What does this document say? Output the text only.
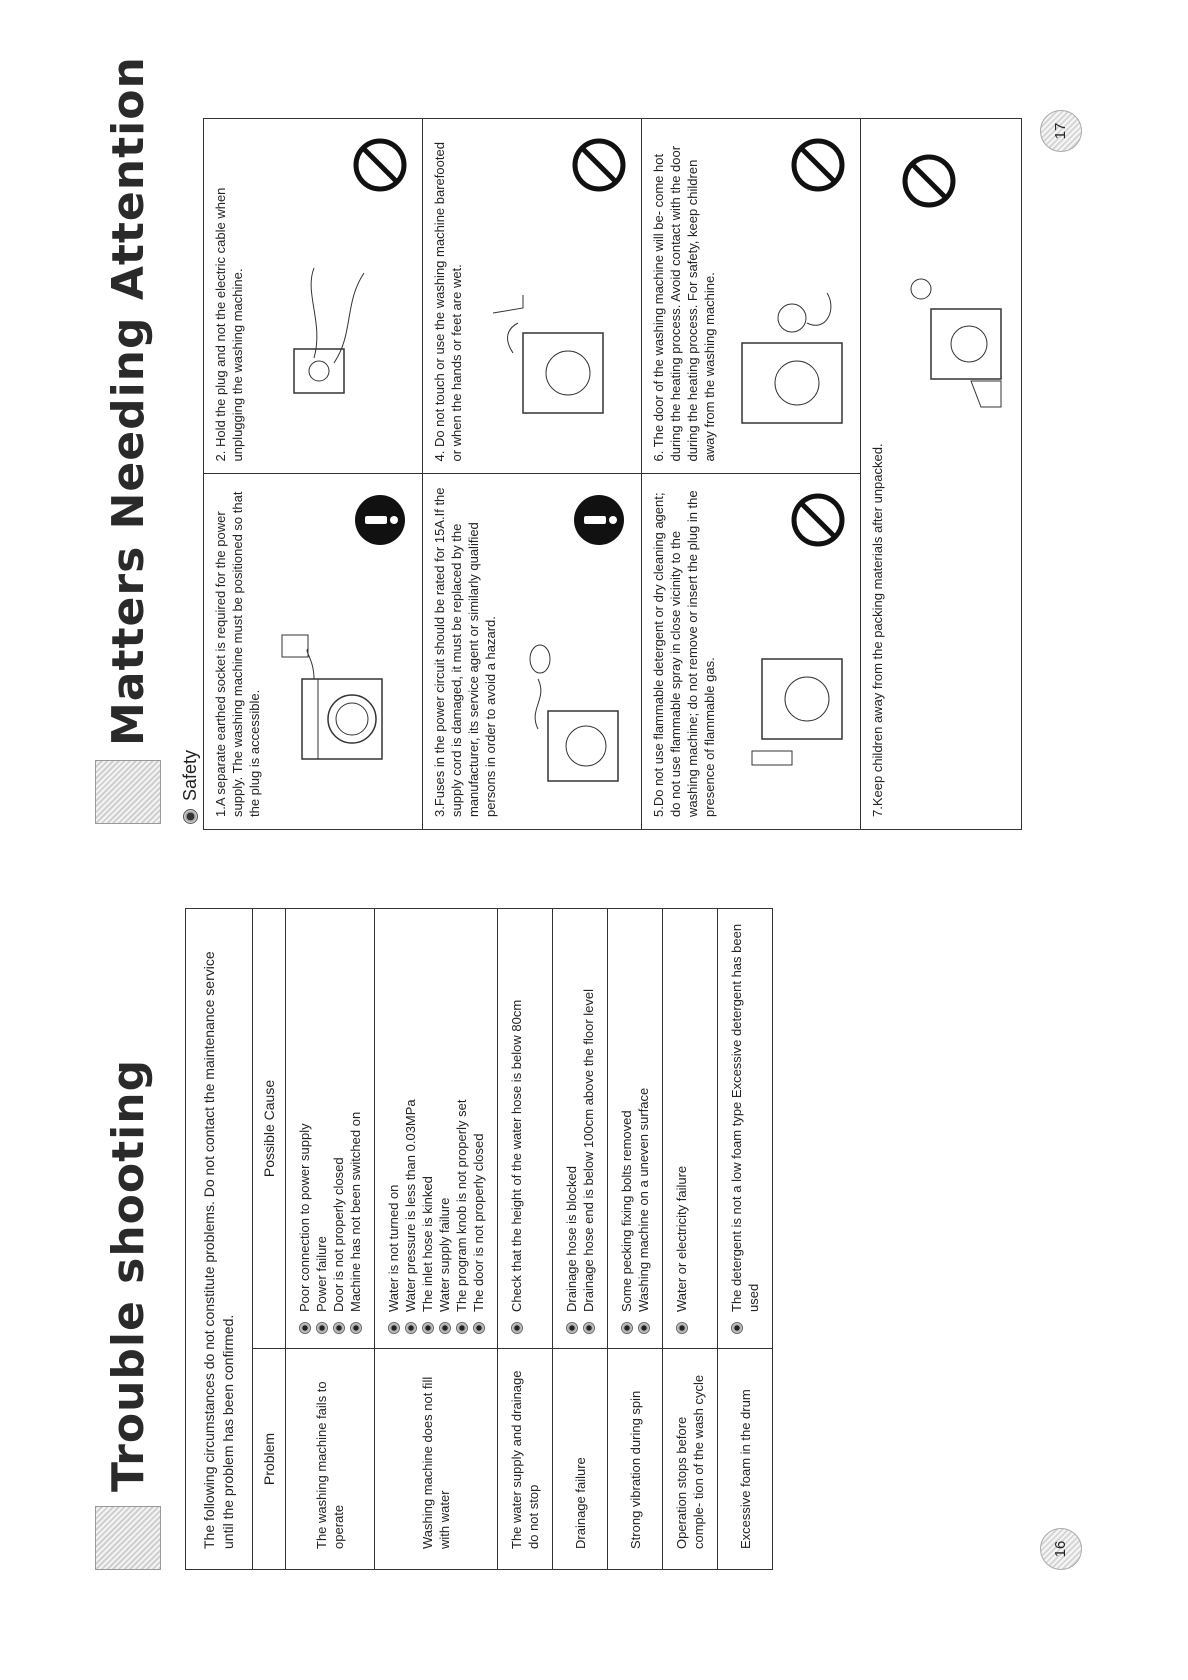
Trouble shooting	The following circumstances do not constitute problems. Do not contact the maintenance service until the problem has been confirmed.	Problem
Possible Cause
The washing machine fails to operate
Poor connection to power supply Power failure Door is not properly closed Machine has not been switched on
Washing machine does not fill with water
Water is not turned on Water pressure is less than 0.03MPa The inlet hose is kinked Water supply failure The program knob is not properly set The door is not properly closed
The water supply and drainage do not stop
Check that the height of the water hose is below 80cm
Drainage failure
Drainage hose is blocked Drainage hose end is below 100cm above the floor level
Strong vibration during spin
Some pecking fixing bolts removed Washing machine on a uneven surface
Operation stops before comple- tion of the wash cycle
Water or electricity failure
Excessive foam in the drum
The detergent is not a low foam type Excessive detergent has been used
16
Matters Needing Attention
Safety 1.A separate earthed socket is required for the power supply. The washing machine must be positioned so that the plug is accessible.

2. Hold the plug and not the electric cable when unplugging the washing machine.

3.Fuses in the power circuit should be rated for 15A.If the supply cord is damaged, it must be replaced by the manufacturer, its service agent or similarly qualified persons in order to avoid a hazard.

4. Do not touch or use the washing machine barefooted or when the hands or feet are wet.

5.Do not use flammable detergent or dry cleaning agent; do not use flammable spray in close vicinity to the washing machine; do not remove or insert the plug in the presence of flammable gas.

6. The door of the washing machine will be- come hot during the heating process. Avoid contact with the door during the heating process. For safety, keep children away from the washing machine.

7.Keep children away from the packing materials after unpacked.

17
